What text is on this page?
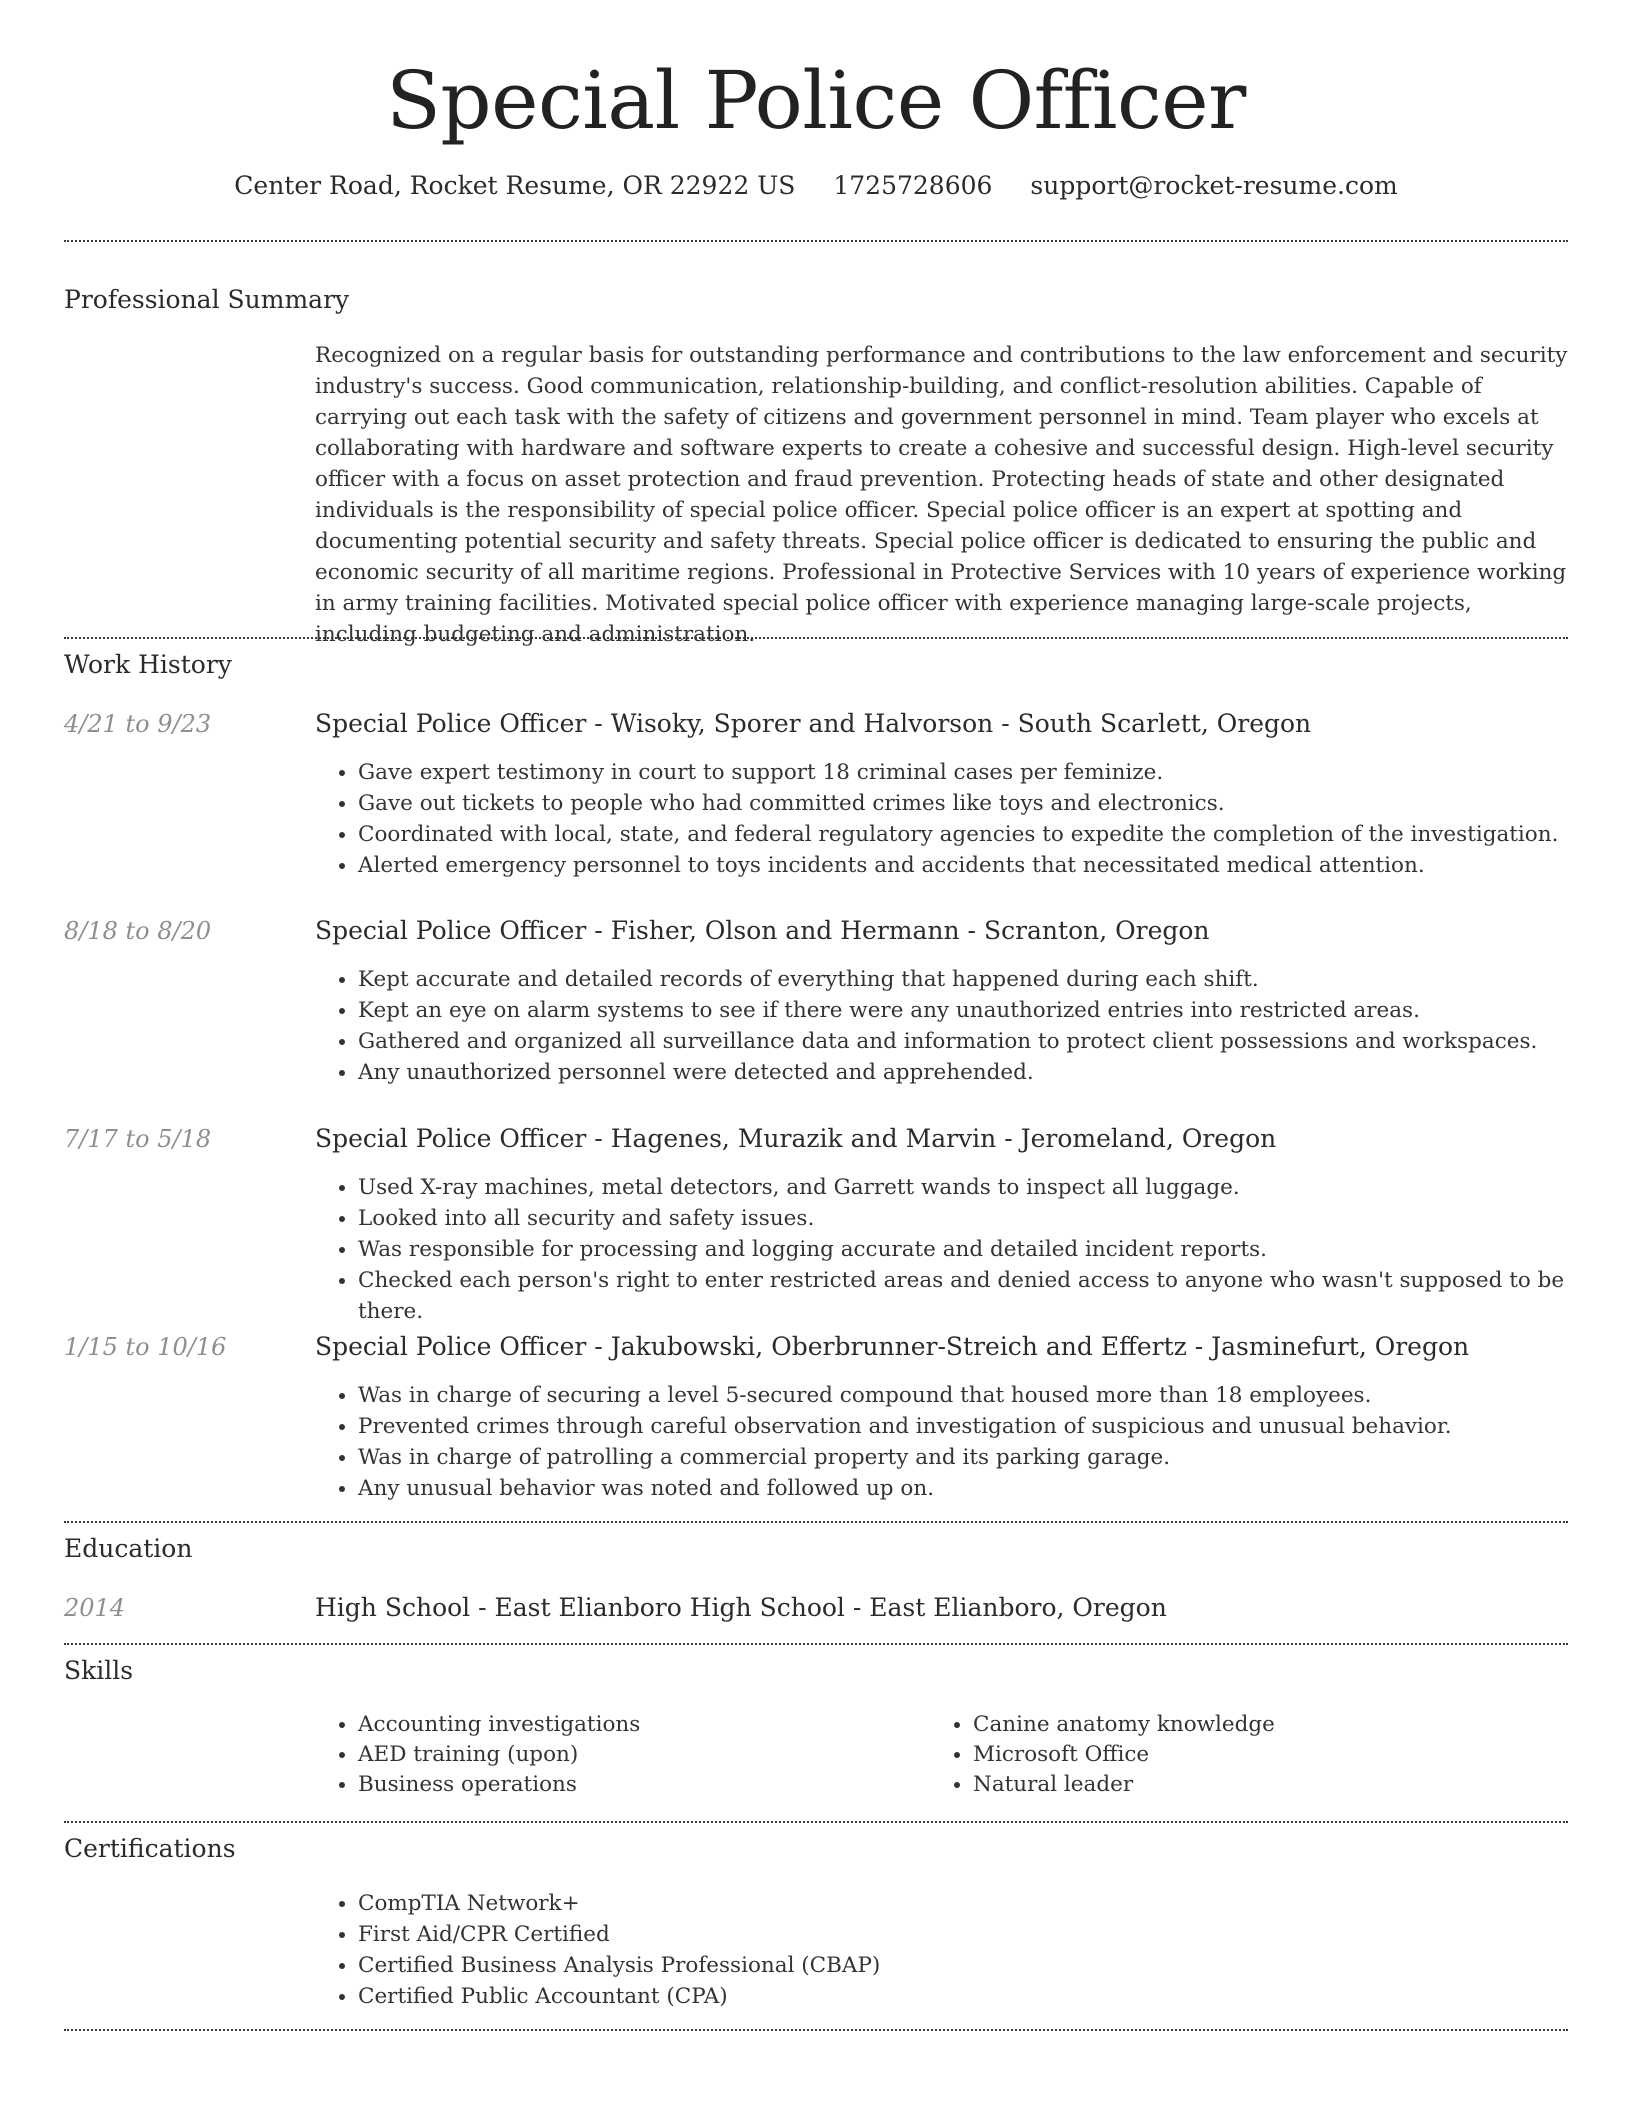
Special Police Officer
Center Road, Rocket Resume, OR 22922 US 1725728606 support@rocket-resume.com
Professional Summary

Recognized on a regular basis for outstanding performance and contributions to the law enforcement and security industry's success. Good communication, relationship-building, and conflict-resolution abilities. Capable of carrying out each task with the safety of citizens and government personnel in mind. Team player who excels at collaborating with hardware and software experts to create a cohesive and successful design. High-level security officer with a focus on asset protection and fraud prevention. Protecting heads of state and other designated individuals is the responsibility of special police officer. Special police officer is an expert at spotting and documenting potential security and safety threats. Special police officer is dedicated to ensuring the public and economic security of all maritime regions. Professional in Protective Services with 10 years of experience working in army training facilities. Motivated special police officer with experience managing large-scale projects, including budgeting and administration.

Work History
4/21 to 9/23	Special Police Officer - Wisoky, Sporer and Halvorson - South Scarlett, Oregon
• Gave expert testimony in court to support 18 criminal cases per feminize.
• Gave out tickets to people who had committed crimes like toys and electronics.
• Coordinated with local, state, and federal regulatory agencies to expedite the completion of the investigation.
• Alerted emergency personnel to toys incidents and accidents that necessitated medical attention.
8/18 to 8/20	Special Police Officer - Fisher, Olson and Hermann - Scranton, Oregon
• Kept accurate and detailed records of everything that happened during each shift.
• Kept an eye on alarm systems to see if there were any unauthorized entries into restricted areas.
• Gathered and organized all surveillance data and information to protect client possessions and workspaces.
• Any unauthorized personnel were detected and apprehended.
7/17 to 5/18	Special Police Officer - Hagenes, Murazik and Marvin - Jeromeland, Oregon
• Used X-ray machines, metal detectors, and Garrett wands to inspect all luggage.
• Looked into all security and safety issues.
• Was responsible for processing and logging accurate and detailed incident reports.
• Checked each person's right to enter restricted areas and denied access to anyone who wasn't supposed to be there.
1/15 to 10/16	Special Police Officer - Jakubowski, Oberbrunner-Streich and Effertz - Jasminefurt, Oregon
• Was in charge of securing a level 5-secured compound that housed more than 18 employees.
• Prevented crimes through careful observation and investigation of suspicious and unusual behavior.
• Was in charge of patrolling a commercial property and its parking garage.
• Any unusual behavior was noted and followed up on.
Education
2014	High School - East Elianboro High School - East Elianboro, Oregon
Skills
• Accounting investigations
• AED training (upon)
• Business operations
• Canine anatomy knowledge
• Microsoft Office
• Natural leader
Certifications
• CompTIA Network+
• First Aid/CPR Certified
• Certified Business Analysis Professional (CBAP)
• Certified Public Accountant (CPA)
